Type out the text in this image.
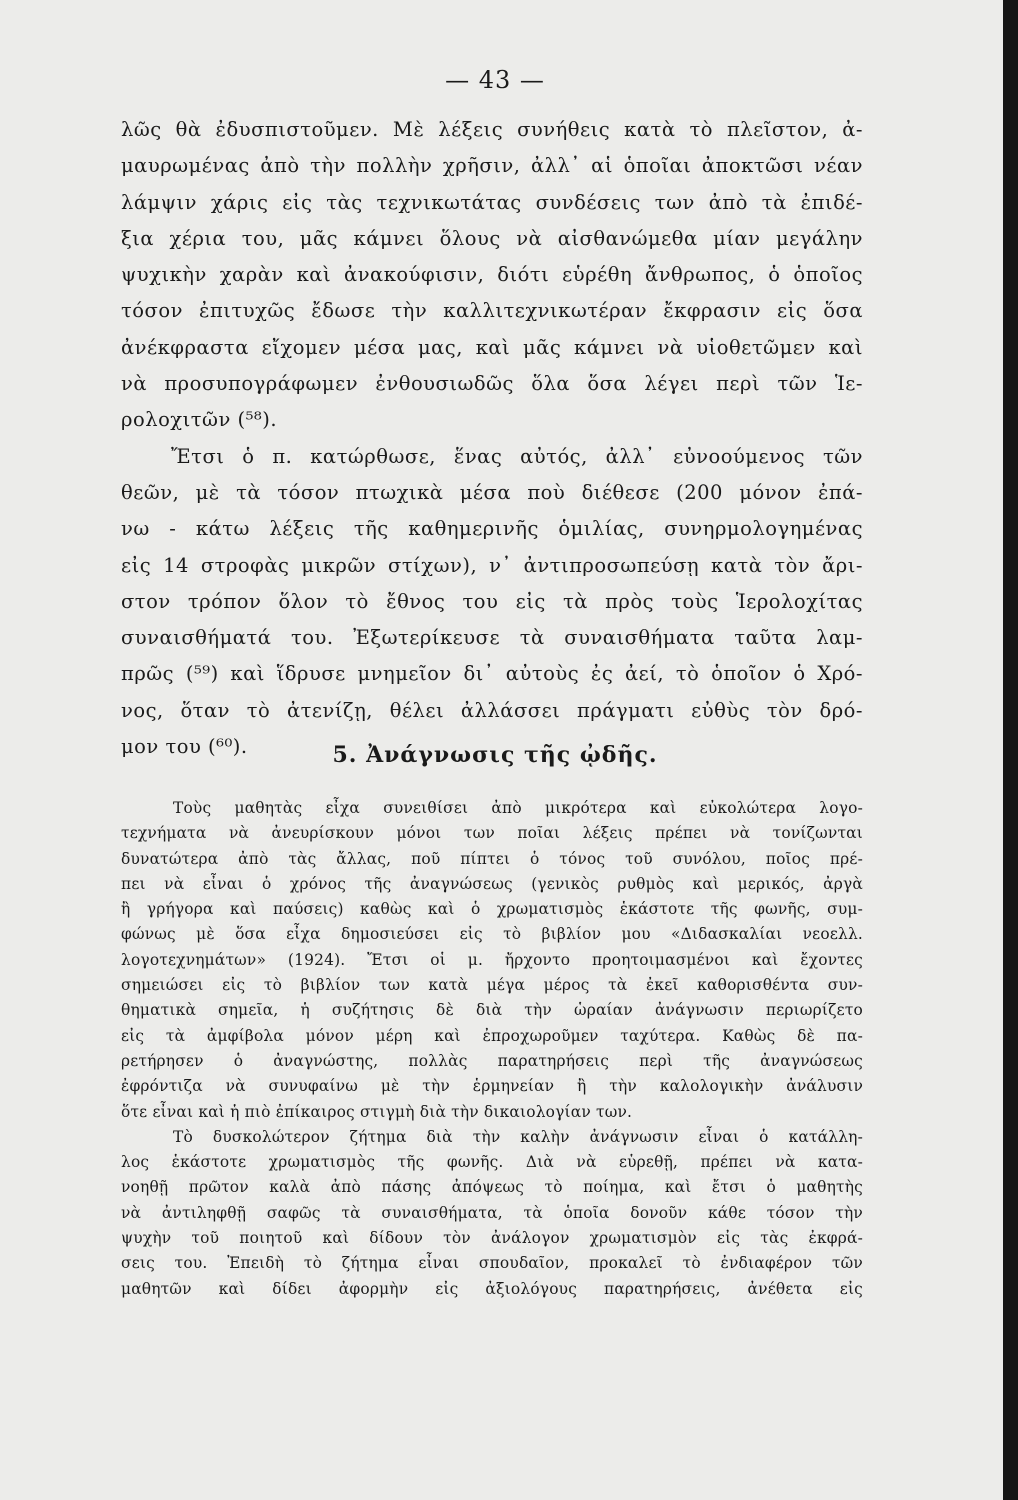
— 43 —
λῶς θὰ ἐδυσπιστοῦμεν. Μὲ λέξεις συνήθεις κατὰ τὸ πλεῖστον, ἀ-
μαυρωμένας ἀπὸ τὴν πολλὴν χρῆσιν, ἀλλ᾽ αἱ ὁποῖαι ἀποκτῶσι νέαν
λάμψιν χάρις εἰς τὰς τεχνικωτάτας συνδέσεις των ἀπὸ τὰ ἐπιδέ-
ξια χέρια του, μᾶς κάμνει ὅλους νὰ αἰσθανώμεθα μίαν μεγάλην
ψυχικὴν χαρὰν καὶ ἀνακούφισιν, διότι εὑρέθη ἄνθρωπος, ὁ ὁποῖος
τόσον ἐπιτυχῶς ἔδωσε τὴν καλλιτεχνικωτέραν ἔκφρασιν εἰς ὅσα
ἀνέκφραστα εἴχομεν μέσα μας, καὶ μᾶς κάμνει νὰ υἱοθετῶμεν καὶ
νὰ προσυπογράφωμεν ἐνθουσιωδῶς ὅλα ὅσα λέγει περὶ τῶν Ἱε-
ρολοχιτῶν (⁵⁸).
Ἔτσι ὁ π. κατώρθωσε, ἕνας αὐτός, ἀλλ᾽ εὐνοούμενος τῶν
θεῶν, μὲ τὰ τόσον πτωχικὰ μέσα ποὺ διέθεσε (200 μόνον ἐπά-
νω - κάτω λέξεις τῆς καθημερινῆς ὁμιλίας, συνηρμολογημένας
εἰς 14 στροφὰς μικρῶν στίχων), ν᾽ ἀντιπροσωπεύσῃ κατὰ τὸν ἄρι-
στον τρόπον ὅλον τὸ ἔθνος του εἰς τὰ πρὸς τοὺς Ἱερολοχίτας
συναισθήματά του. Ἐξωτερίκευσε τὰ συναισθήματα ταῦτα λαμ-
πρῶς (⁵⁹) καὶ ἵδρυσε μνημεῖον δι᾽ αὐτοὺς ἐς ἀεί, τὸ ὁποῖον ὁ Χρό-
νος, ὅταν τὸ ἀτενίζῃ, θέλει ἀλλάσσει πράγματι εὐθὺς τὸν δρό-
μον του (⁶⁰).	5. Ἀνάγνωσις τῆς ᾠδῆς.
Τοὺς μαθητὰς εἶχα συνειθίσει ἀπὸ μικρότερα καὶ εὐκολώτερα λογο-
τεχνήματα νὰ ἀνευρίσκουν μόνοι των ποῖαι λέξεις πρέπει νὰ τονίζωνται
δυνατώτερα ἀπὸ τὰς ἄλλας, ποῦ πίπτει ὁ τόνος τοῦ συνόλου, ποῖος πρέ-
πει νὰ εἶναι ὁ χρόνος τῆς ἀναγνώσεως (γενικὸς ρυθμὸς καὶ μερικός, ἀργὰ
ἢ γρήγορα καὶ παύσεις) καθὼς καὶ ὁ χρωματισμὸς ἑκάστοτε τῆς φωνῆς, συμ-
φώνως μὲ ὅσα εἶχα δημοσιεύσει εἰς τὸ βιβλίον μου «Διδασκαλίαι νεοελλ.
λογοτεχνημάτων» (1924). Ἔτσι οἱ μ. ἤρχοντο προητοιμασμένοι καὶ ἔχοντες
σημειώσει εἰς τὸ βιβλίον των κατὰ μέγα μέρος τὰ ἐκεῖ καθορισθέντα συν-
θηματικὰ σημεῖα, ἡ συζήτησις δὲ διὰ τὴν ὡραίαν ἀνάγνωσιν περιωρίζετο
εἰς τὰ ἀμφίβολα μόνον μέρη καὶ ἐπροχωροῦμεν ταχύτερα. Καθὼς δὲ πα-
ρετήρησεν ὁ ἀναγνώστης, πολλὰς παρατηρήσεις περὶ τῆς ἀναγνώσεως
ἐφρόντιζα νὰ συνυφαίνω μὲ τὴν ἑρμηνείαν ἢ τὴν καλολογικὴν ἀνάλυσιν
ὅτε εἶναι καὶ ἡ πιὸ ἐπίκαιρος στιγμὴ διὰ τὴν δικαιολογίαν των.
Τὸ δυσκολώτερον ζήτημα διὰ τὴν καλὴν ἀνάγνωσιν εἶναι ὁ κατάλλη-
λος ἑκάστοτε χρωματισμὸς τῆς φωνῆς. Διὰ νὰ εὑρεθῇ, πρέπει νὰ κατα-
νοηθῇ πρῶτον καλὰ ἀπὸ πάσης ἀπόψεως τὸ ποίημα, καὶ ἔτσι ὁ μαθητὴς
νὰ ἀντιληφθῇ σαφῶς τὰ συναισθήματα, τὰ ὁποῖα δονοῦν κάθε τόσον τὴν
ψυχὴν τοῦ ποιητοῦ καὶ δίδουν τὸν ἀνάλογον χρωματισμὸν εἰς τὰς ἐκφρά-
σεις του. Ἐπειδὴ τὸ ζήτημα εἶναι σπουδαῖον, προκαλεῖ τὸ ἐνδιαφέρον τῶν
μαθητῶν καὶ δίδει ἀφορμὴν εἰς ἀξιολόγους παρατηρήσεις, ἀνέθετα εἰς
